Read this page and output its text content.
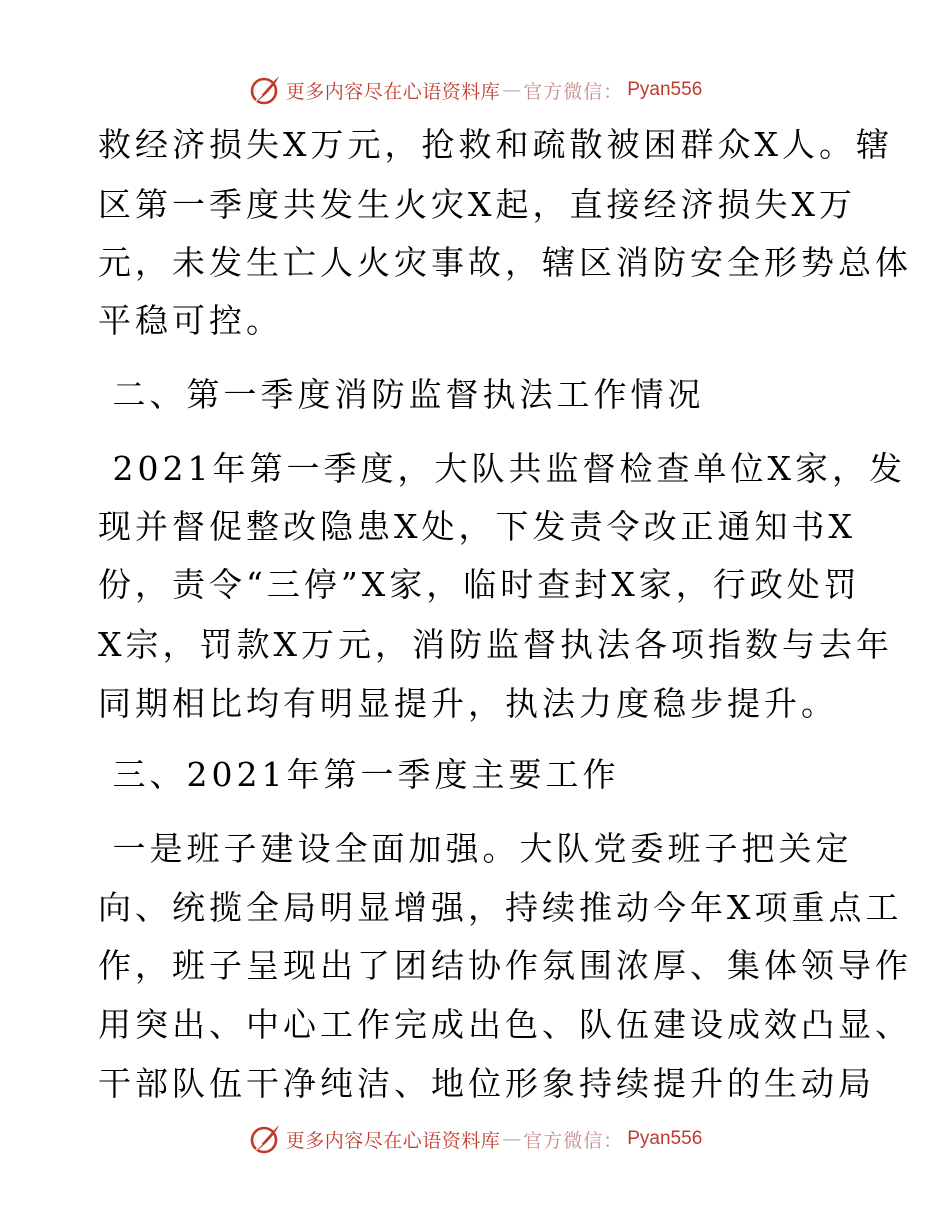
更多内容尽在心语资料库 — 官方微信： Pyan556
救经济损失X万元，抢救和疏散被困群众X人。辖
区第一季度共发生火灾X起，直接经济损失X万
元，未发生亡人火灾事故，辖区消防安全形势总体
平稳可控。
二、第一季度消防监督执法工作情况
2021年第一季度，大队共监督检查单位X家，发
现并督促整改隐患X处，下发责令改正通知书X
份，责令“三停”X家，临时查封X家，行政处罚
X宗，罚款X万元，消防监督执法各项指数与去年
同期相比均有明显提升，执法力度稳步提升。
三、2021年第一季度主要工作
一是班子建设全面加强。大队党委班子把关定
向、统揽全局明显增强，持续推动今年X项重点工
作，班子呈现出了团结协作氛围浓厚、集体领导作
用突出、中心工作完成出色、队伍建设成效凸显、
干部队伍干净纯洁、地位形象持续提升的生动局
更多内容尽在心语资料库 — 官方微信： Pyan556
